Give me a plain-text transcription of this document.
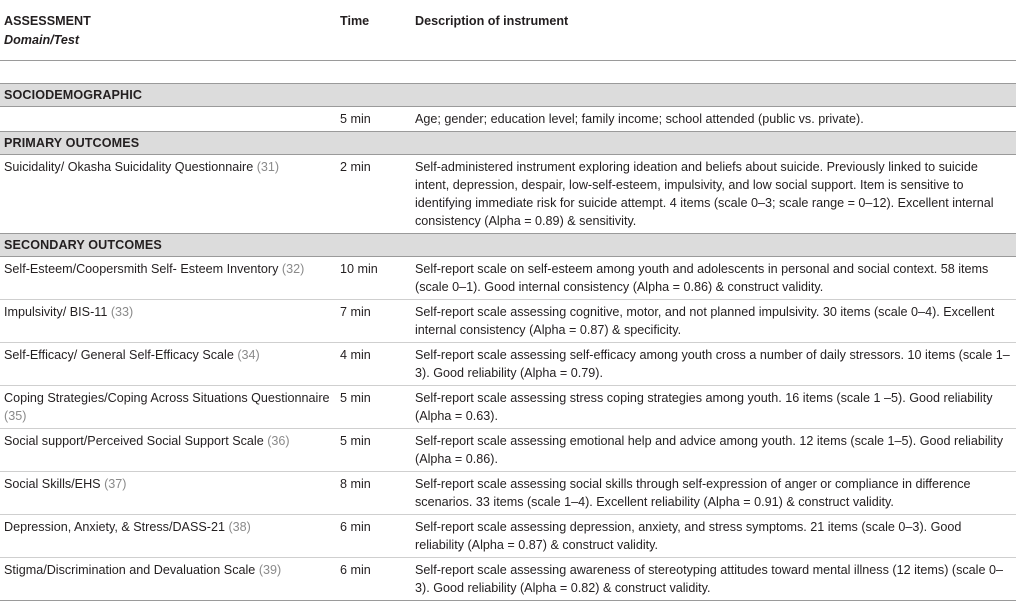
ASSESSMENT
Domain/Test	Time	Description of instrument

SOCIODEMOGRAPHIC		
	5 min	Age; gender; education level; family income; school attended (public vs. private).
PRIMARY OUTCOMES		
Suicidality/ Okasha Suicidality Questionnaire (31)	2 min	Self-administered instrument exploring ideation and beliefs about suicide. Previously linked to suicide intent, depression, despair, low-self-esteem, impulsivity, and low social support. Item is sensitive to identifying immediate risk for suicide attempt. 4 items (scale 0–3; scale range = 0–12). Excellent internal consistency (Alpha = 0.89) & sensitivity.
SECONDARY OUTCOMES		
Self-Esteem/Coopersmith Self- Esteem Inventory (32)	10 min	Self-report scale on self-esteem among youth and adolescents in personal and social context. 58 items (scale 0–1). Good internal consistency (Alpha = 0.86) & construct validity.
Impulsivity/ BIS-11 (33)	7 min	Self-report scale assessing cognitive, motor, and not planned impulsivity. 30 items (scale 0–4). Excellent internal consistency (Alpha = 0.87) & specificity.
Self-Efficacy/ General Self-Efficacy Scale (34)	4 min	Self-report scale assessing self-efficacy among youth cross a number of daily stressors. 10 items (scale 1–3). Good reliability (Alpha = 0.79).
Coping Strategies/Coping Across Situations Questionnaire (35)	5 min	Self-report scale assessing stress coping strategies among youth. 16 items (scale 1 –5). Good reliability (Alpha = 0.63).
Social support/Perceived Social Support Scale (36)	5 min	Self-report scale assessing emotional help and advice among youth. 12 items (scale 1–5). Good reliability (Alpha = 0.86).
Social Skills/EHS (37)	8 min	Self-report scale assessing social skills through self-expression of anger or compliance in difference scenarios. 33 items (scale 1–4). Excellent reliability (Alpha = 0.91) & construct validity.
Depression, Anxiety, & Stress/DASS-21 (38)	6 min	Self-report scale assessing depression, anxiety, and stress symptoms. 21 items (scale 0–3). Good reliability (Alpha = 0.87) & construct validity.
Stigma/Discrimination and Devaluation Scale (39)	6 min	Self-report scale assessing awareness of stereotyping attitudes toward mental illness (12 items) (scale 0–3). Good reliability (Alpha = 0.82) & construct validity.
